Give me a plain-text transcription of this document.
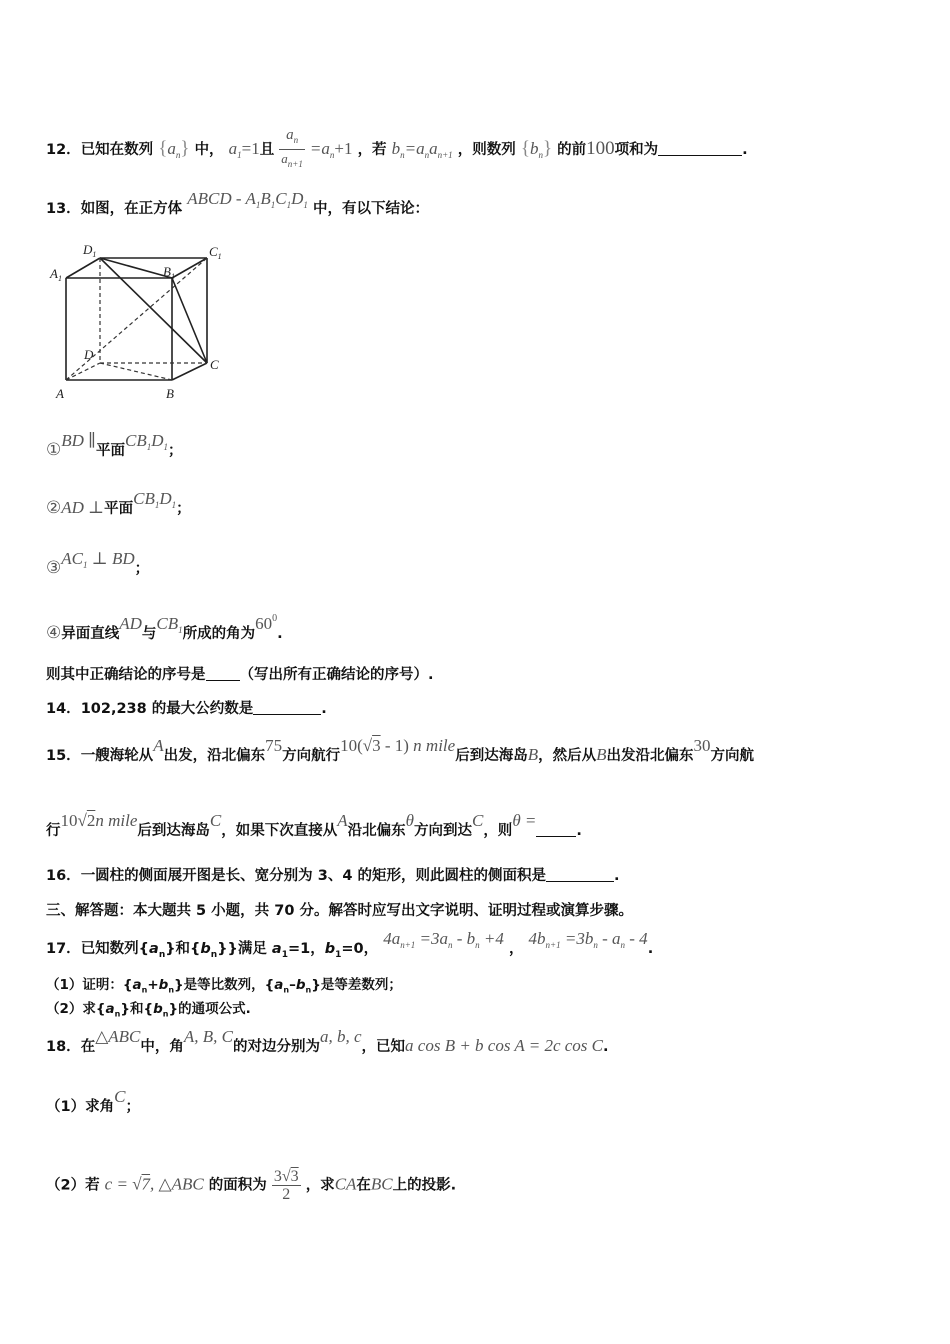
12．已知在数列 $\{a_n\}$ 中， $a_1=1$且 $\frac{a_n}{a_{n+1}} =a_n+1$ ，若 $b_n=a_na_{n+1}$ ，则数列 $\{b_n\}$ 的前100项和为	.
13．如图，在正方体 ABCD - $A_1B_1C_1D_1$ 中，有以下结论：
$D_1$	$C_1$
$A_1$	$B_1$
D
C
A	B
①BD ∥平面$CB_1D_1$；
②AD ⊥平面$CB_1D_1$；
$③AC_1$ ⊥ BD；
④异面直线AD与$CB_1$所成的角为$60^0$.
则其中正确结论的序号是 （写出所有正确结论的序号）.
14．102,238 的最大公约数是	.
15．一艘海轮从A出发，沿北偏东75方向航行10(√3 - 1) n mile后到达海岛B，然后从B出发沿北偏东30方向航
行10√2n mile后到达海岛C，如果下次直接从A沿北偏东θ方向到达C，则θ =.
16．一圆柱的侧面展开图是长、宽分别为 3、4 的矩形，则此圆柱的侧面积是	.
三、解答题：本大题共 5 小题，共 70 分。解答时应写出文字说明、证明过程或演算步骤。
17．已知数列$\{a_n\}$和$\{b_n\}$}满足 $a_1=1$，$b_1=0$， $4a_{n+1} =3a_n - b_n +4$ ， $4b_{n+1} =3b_n - a_n - 4$.
（1）证明：$\{a_n+b_n\}$是等比数列，$\{a_n-b_n\}$是等差数列；
（2）求$\{a_n\}$和$\{b_n\}$的通项公式.
18．在△ABC中，角A, B, C的对边分别为a, b, c，已知a cos B + b cos A = 2c cos C.
（1）求角C；
（2）若 c = √7, △ABC 的面积为 $\frac{3√3}{2}$ ，求CA在BC上的投影.
